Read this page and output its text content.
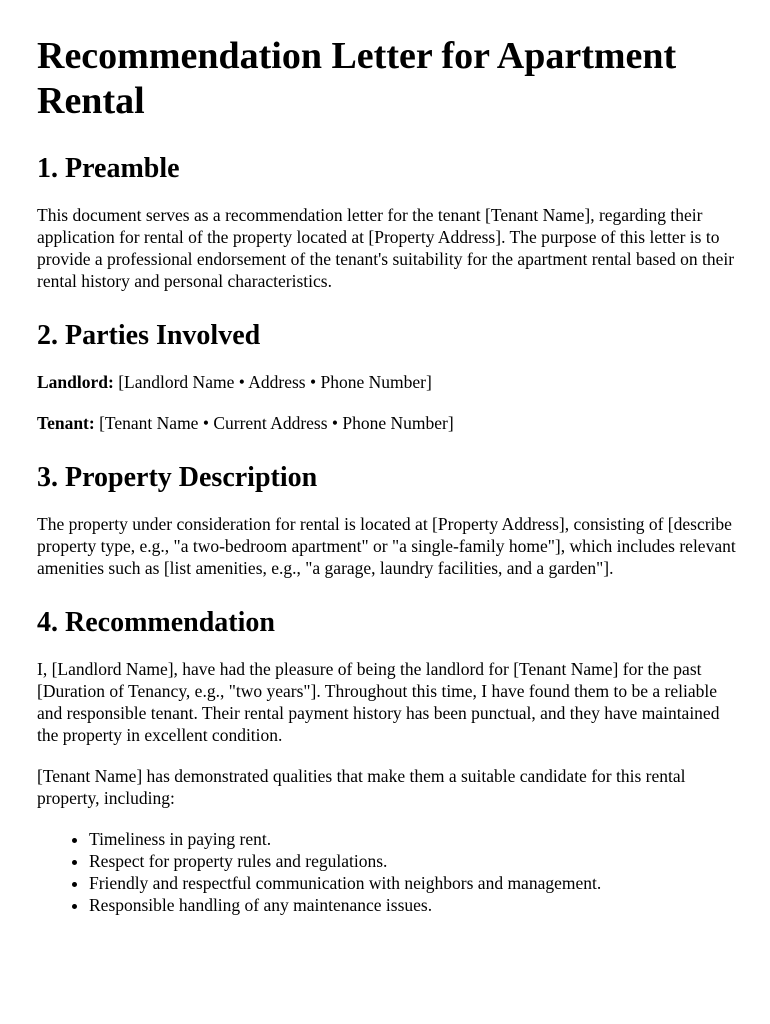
Recommendation Letter for Apartment Rental
1. Preamble

This document serves as a recommendation letter for the tenant [Tenant Name], regarding their application for rental of the property located at [Property Address]. The purpose of this letter is to provide a professional endorsement of the tenant's suitability for the apartment rental based on their rental history and personal characteristics.

2. Parties Involved

Landlord: [Landlord Name • Address • Phone Number]

Tenant: [Tenant Name • Current Address • Phone Number]

3. Property Description

The property under consideration for rental is located at [Property Address], consisting of [describe property type, e.g., "a two-bedroom apartment" or "a single-family home"], which includes relevant amenities such as [list amenities, e.g., "a garage, laundry facilities, and a garden"].

4. Recommendation

I, [Landlord Name], have had the pleasure of being the landlord for [Tenant Name] for the past [Duration of Tenancy, e.g., "two years"]. Throughout this time, I have found them to be a reliable and responsible tenant. Their rental payment history has been punctual, and they have maintained the property in excellent condition.

[Tenant Name] has demonstrated qualities that make them a suitable candidate for this rental property, including:

• Timeliness in paying rent.
• Respect for property rules and regulations.
• Friendly and respectful communication with neighbors and management.
• Responsible handling of any maintenance issues.
